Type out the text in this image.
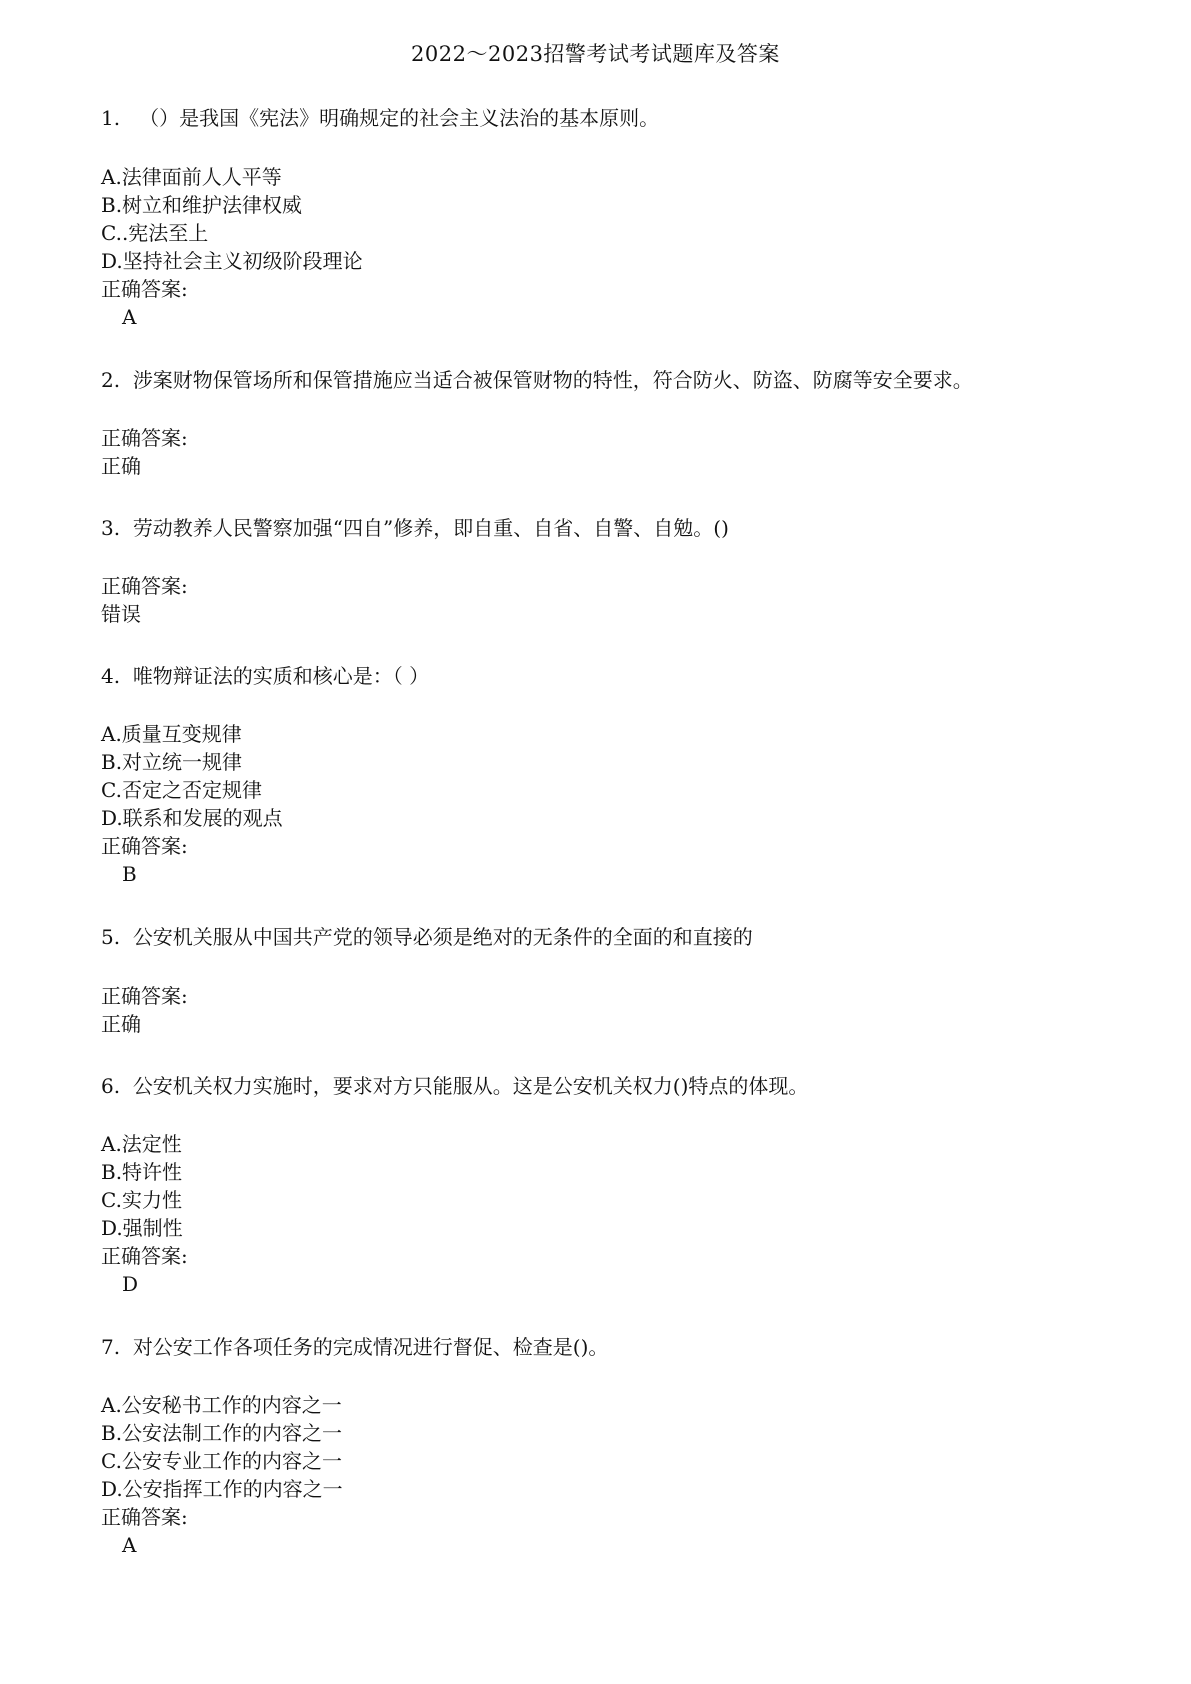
2022～2023招警考试考试题库及答案
1. （）是我国《宪法》明确规定的社会主义法治的基本原则。
A.法律面前人人平等
B.树立和维护法律权威
C..宪法至上
D.坚持社会主义初级阶段理论
正确答案:
A
2. 涉案财物保管场所和保管措施应当适合被保管财物的特性，符合防火、防盗、防腐等安全要求。
正确答案:
正确
3. 劳动教养人民警察加强“四自”修养，即自重、自省、自警、自勉。()
正确答案:
错误
4. 唯物辩证法的实质和核心是：（ ）
A.质量互变规律
B.对立统一规律
C.否定之否定规律
D.联系和发展的观点
正确答案:
B
5. 公安机关服从中国共产党的领导必须是绝对的无条件的全面的和直接的
正确答案:
正确
6. 公安机关权力实施时，要求对方只能服从。这是公安机关权力()特点的体现。
A.法定性
B.特许性
C.实力性
D.强制性
正确答案:
D
7. 对公安工作各项任务的完成情况进行督促、检查是()。
A.公安秘书工作的内容之一
B.公安法制工作的内容之一
C.公安专业工作的内容之一
D.公安指挥工作的内容之一
正确答案:
A
